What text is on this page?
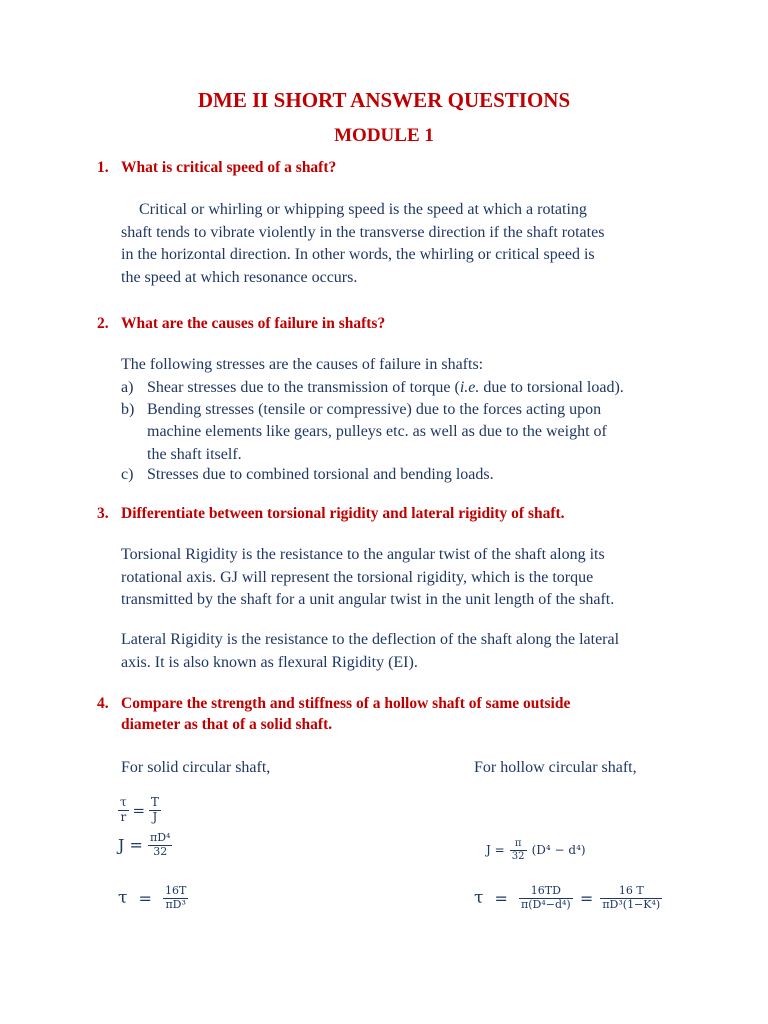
DME II SHORT ANSWER QUESTIONS
MODULE 1
1. What is critical speed of a shaft?
Critical or whirling or whipping speed is the speed at which a rotating
shaft tends to vibrate violently in the transverse direction if the shaft rotates
in the horizontal direction. In other words, the whirling or critical speed is
the speed at which resonance occurs.
2. What are the causes of failure in shafts?
The following stresses are the causes of failure in shafts:
a) Shear stresses due to the transmission of torque (i.e. due to torsional load).
b) Bending stresses (tensile or compressive) due to the forces acting upon
machine elements like gears, pulleys etc. as well as due to the weight of
the shaft itself.
c) Stresses due to combined torsional and bending loads.
3. Differentiate between torsional rigidity and lateral rigidity of shaft.
Torsional Rigidity is the resistance to the angular twist of the shaft along its
rotational axis. GJ will represent the torsional rigidity, which is the torque
transmitted by the shaft for a unit angular twist in the unit length of the shaft.
Lateral Rigidity is the resistance to the deflection of the shaft along the lateral
axis. It is also known as flexural Rigidity (EI).
4. Compare the strength and stiffness of a hollow shaft of same outside
diameter as that of a solid shaft.
For solid circular shaft,	For hollow circular shaft,
$\frac{\tau}{r} = \frac{T}{J}$
$J = \frac{\text{πD⁴}}{32}$
$\tau = \frac{16T}{\text{πD³}}$
$J = \frac{\pi}{32} (D^4 - d^4)$
$\tau = \frac{16TD}{\text{π(D⁴−d⁴)}} = \frac{16 T}{\text{πD³(1−K⁴)}}$
